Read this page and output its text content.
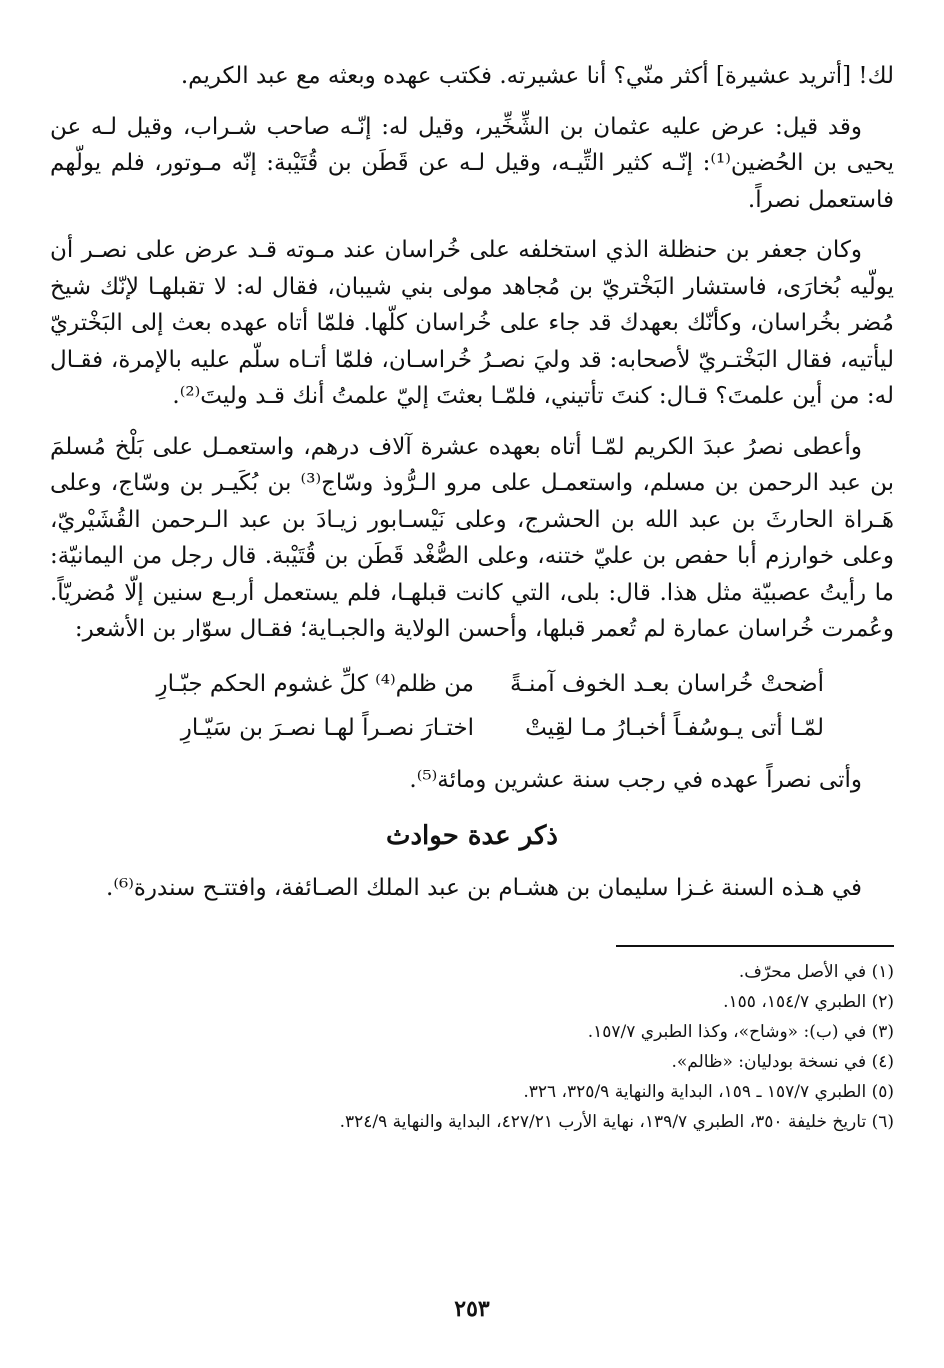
لك! [أتريد عشيرة] أكثر منّي؟ أنا عشيرته. فكتب عهده وبعثه مع عبد الكريم.

وقد قيل: عرض عليه عثمان بن الشِّخِّير، وقيل له: إنّـه صاحب شـراب، وقيل لـه عن يحيى بن الحُضين⁽¹⁾: إنّـه كثير التِّيـه، وقيل لـه عن قَطَن بن قُتَيْبة: إنّه مـوتور، فلم يولّهم فاستعمل نصراً.

وكان جعفر بن حنظلة الذي استخلفه على خُراسان عند مـوته قـد عرض على نصـر أن يولّيه بُخارَى، فاستشار البَخْتريّ بن مُجاهد مولى بني شيبان، فقال له: لا تقبلهـا لإنّك شيخ مُضر بخُراسان، وكأنّك بعهدك قد جاء على خُراسان كلّها. فلمّا أتاه عهده بعث إلى البَخْتريّ ليأتيه، فقال البَخْتـريّ لأصحابه: قد وليَ نصـرُ خُراسـان، فلمّا أتـاه سلّم عليه بالإمرة، فقـال له: من أين علمتَ؟ قـال: كنتَ تأتيني، فلمّـا بعثتَ إليّ علمتُ أنك قـد وليتَ⁽²⁾.

وأعطى نصرُ عبدَ الكريم لمّـا أتاه بعهده عشرة آلاف درهم، واستعمـل على بَلْخ مُسلمَ بن عبد الرحمن بن مسلم، واستعمـل على مرو الـرُّوذ وسّاج⁽³⁾ بن بُكَيـر بن وسّاج، وعلى هَـراة الحارثَ بن عبد الله بن الحشرج، وعلى نَيْسـابور زيـادَ بن عبد الـرحمن القُشَيْريّ، وعلى خوارزم أبا حفص بن عليّ ختنه، وعلى الصُّغْد قَطَن بن قُتَيْبة. قال رجل من اليمانيّة: ما رأيتُ عصبيّة مثل هذا. قال: بلى، التي كانت قبلهـا، فلم يستعمل أربـع سنين إلّا مُضريّاً. وعُمرت خُراسان عمارة لم تُعمر قبلها، وأحسن الولاية والجبـاية؛ فقـال سوّار بن الأشعر:

أضحتْ خُراسان بعـد الخوف آمنـةً
من ظلم⁽⁴⁾ كلِّ غشوم الحكم جبّـارِ
لمّـا أتى يـوسُفـاً أخبـارُ مـا لقِيتْ
اختـارَ نصـراً لهـا نصـرَ بن سَيّـارِ

وأتى نصراً عهده في رجب سنة عشرين ومائة⁽⁵⁾.

ذكر عدة حوادث

في هـذه السنة غـزا سليمان بن هشـام بن عبد الملك الصـائفة، وافتتـح سندرة⁽⁶⁾.

(١) في الأصل محرّف.
(٢) الطبري ١٥٤/٧، ١٥٥.
(٣) في (ب): «وشاح»، وكذا الطبري ١٥٧/٧.
(٤) في نسخة بودليان: «ظالم».
(٥) الطبري ١٥٧/٧ ـ ١٥٩، البداية والنهاية ٣٢٥/٩، ٣٢٦.
(٦) تاريخ خليفة ٣٥٠، الطبري ١٣٩/٧، نهاية الأرب ٤٢٧/٢١، البداية والنهاية ٣٢٤/٩.
٢٥٣
